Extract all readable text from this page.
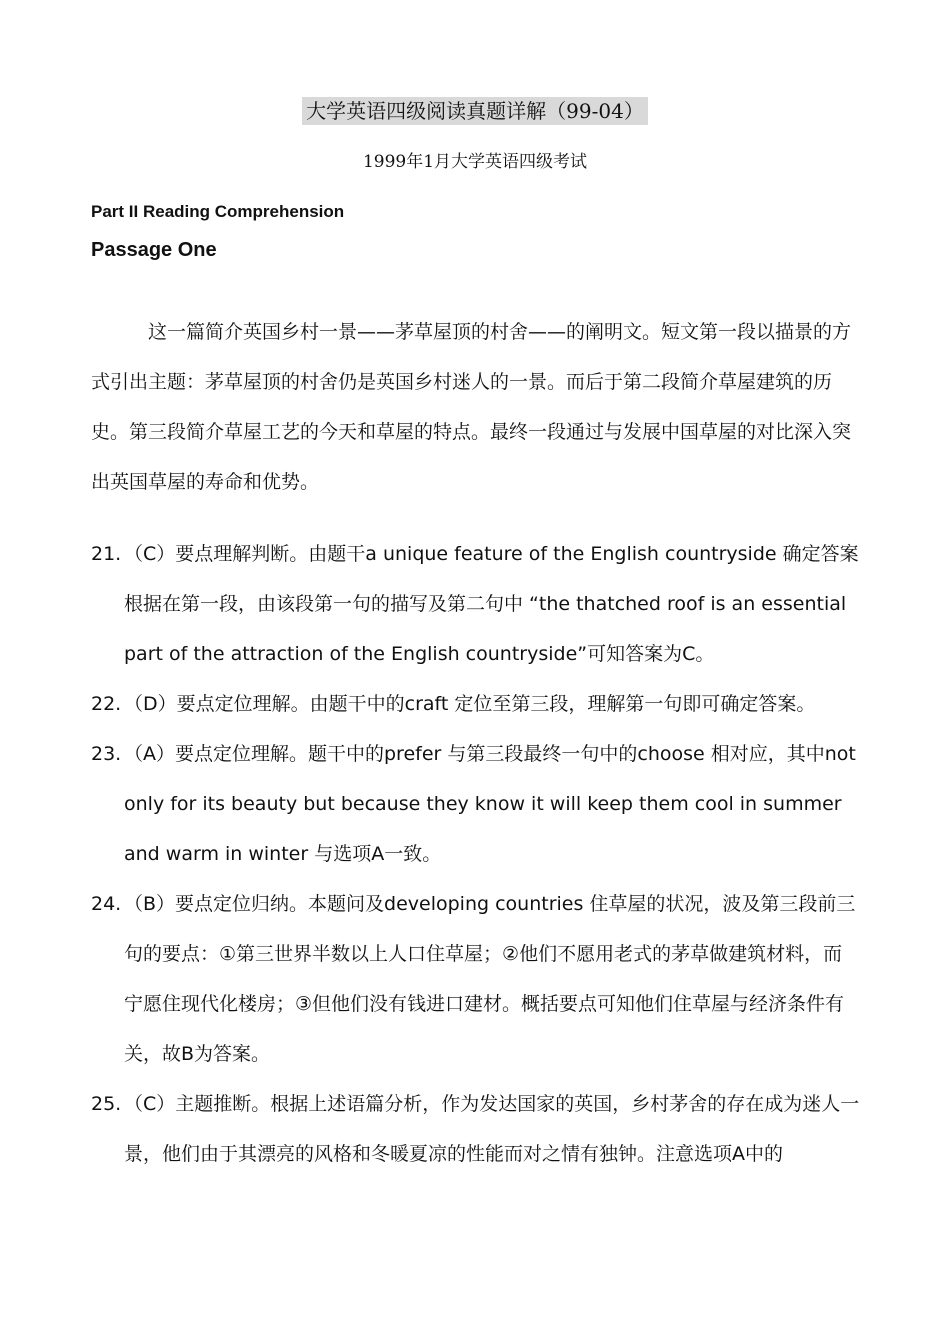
大学英语四级阅读真题详解（99-04）
1999年1月大学英语四级考试
Part II Reading Comprehension
Passage One

这一篇简介英国乡村一景——茅草屋顶的村舍——的阐明文。短文第一段以描景的方式引出主题：茅草屋顶的村舍仍是英国乡村迷人的一景。而后于第二段简介草屋建筑的历史。第三段简介草屋工艺的今天和草屋的特点。最终一段通过与发展中国草屋的对比深入突出英国草屋的寿命和优势。

21. （C）要点理解判断。由题干a unique feature of the English countryside 确定答案根据在第一段，由该段第一句的描写及第二句中 “the thatched roof is an essential part of the attraction of the English countryside”可知答案为C。
22. （D）要点定位理解。由题干中的craft 定位至第三段，理解第一句即可确定答案。
23. （A）要点定位理解。题干中的prefer 与第三段最终一句中的choose 相对应，其中not only for its beauty but because they know it will keep them cool in summer and warm in winter 与选项A一致。
24. （B）要点定位归纳。本题问及developing countries 住草屋的状况，波及第三段前三句的要点：①第三世界半数以上人口住草屋；②他们不愿用老式的茅草做建筑材料，而宁愿住现代化楼房；③但他们没有钱进口建材。概括要点可知他们住草屋与经济条件有关，故B为答案。
25. （C）主题推断。根据上述语篇分析，作为发达国家的英国，乡村茅舍的存在成为迷人一景，他们由于其漂亮的风格和冬暖夏凉的性能而对之情有独钟。注意选项A中的
